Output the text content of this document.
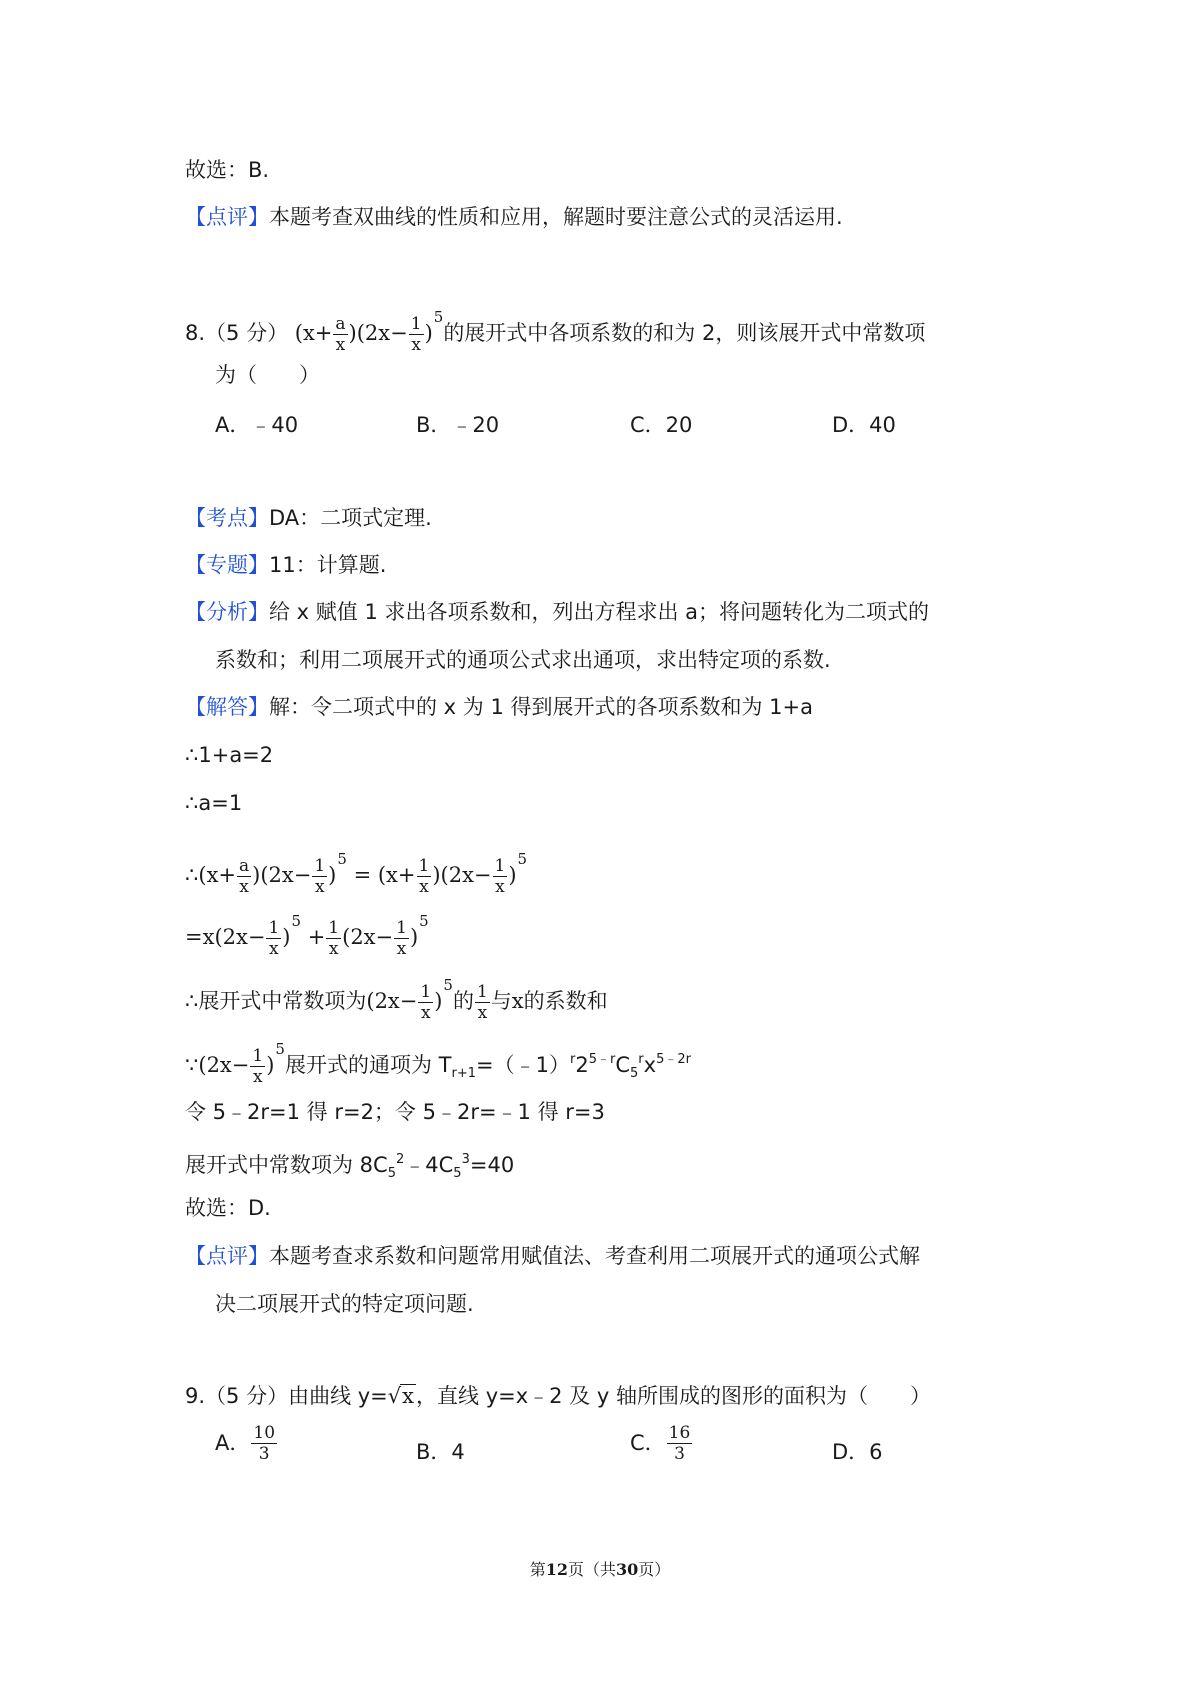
故选：B.
【点评】本题考查双曲线的性质和应用，解题时要注意公式的灵活运用.
8.（5 分） $(x+ \frac{a}{x} )(2x- \frac{1}{x} )^5$的展开式中各项系数的和为 2，则该展开式中常数项
为（　　）
A．﹣40	B．﹣20	C．20	D．40
【考点】DA：二项式定理.
【专题】11：计算题.
【分析】给 x 赋值 1 求出各项系数和，列出方程求出 a；将问题转化为二项式的
系数和；利用二项展开式的通项公式求出通项，求出特定项的系数.
【解答】解：令二项式中的 x 为 1 得到展开式的各项系数和为 1+a
∴1+a=2
∴a=1
∴(x+ $\frac{a}{x} )(2x- \frac{1}{x} )^5 = (x+ \frac{1}{x} )(2x- \frac{1}{x} )^5$
$=x(2x- \frac{1}{x} )^5 + \frac{1}{x} (2x- \frac{1}{x} )^5$
∴展开式中常数项为$(2x- \frac{1}{x} )^5$的 $\frac{1}{x}$ 与x的系数和
∵(2x− $\frac{1}{x} )^5$展开式的通项为 $T_{r+1}=(﹣1)^r2^{5﹣r}C_5^rx^{5﹣2r}$
令 5﹣2r=1 得 r=2；令 5﹣2r=﹣1 得 r=3
展开式中常数项为 $8C_5^2﹣4C_5^3=40$
故选：D.
【点评】本题考查求系数和问题常用赋值法、考查利用二项展开式的通项公式解
决二项展开式的特定项问题.
9.（5 分）由曲线 y=√x，直线 y=x﹣2 及 y 轴所围成的图形的面积为（　　）
A． $\frac{10}{3}$	B．4	C． $\frac{16}{3}$	D．6
第12页（共30页）
